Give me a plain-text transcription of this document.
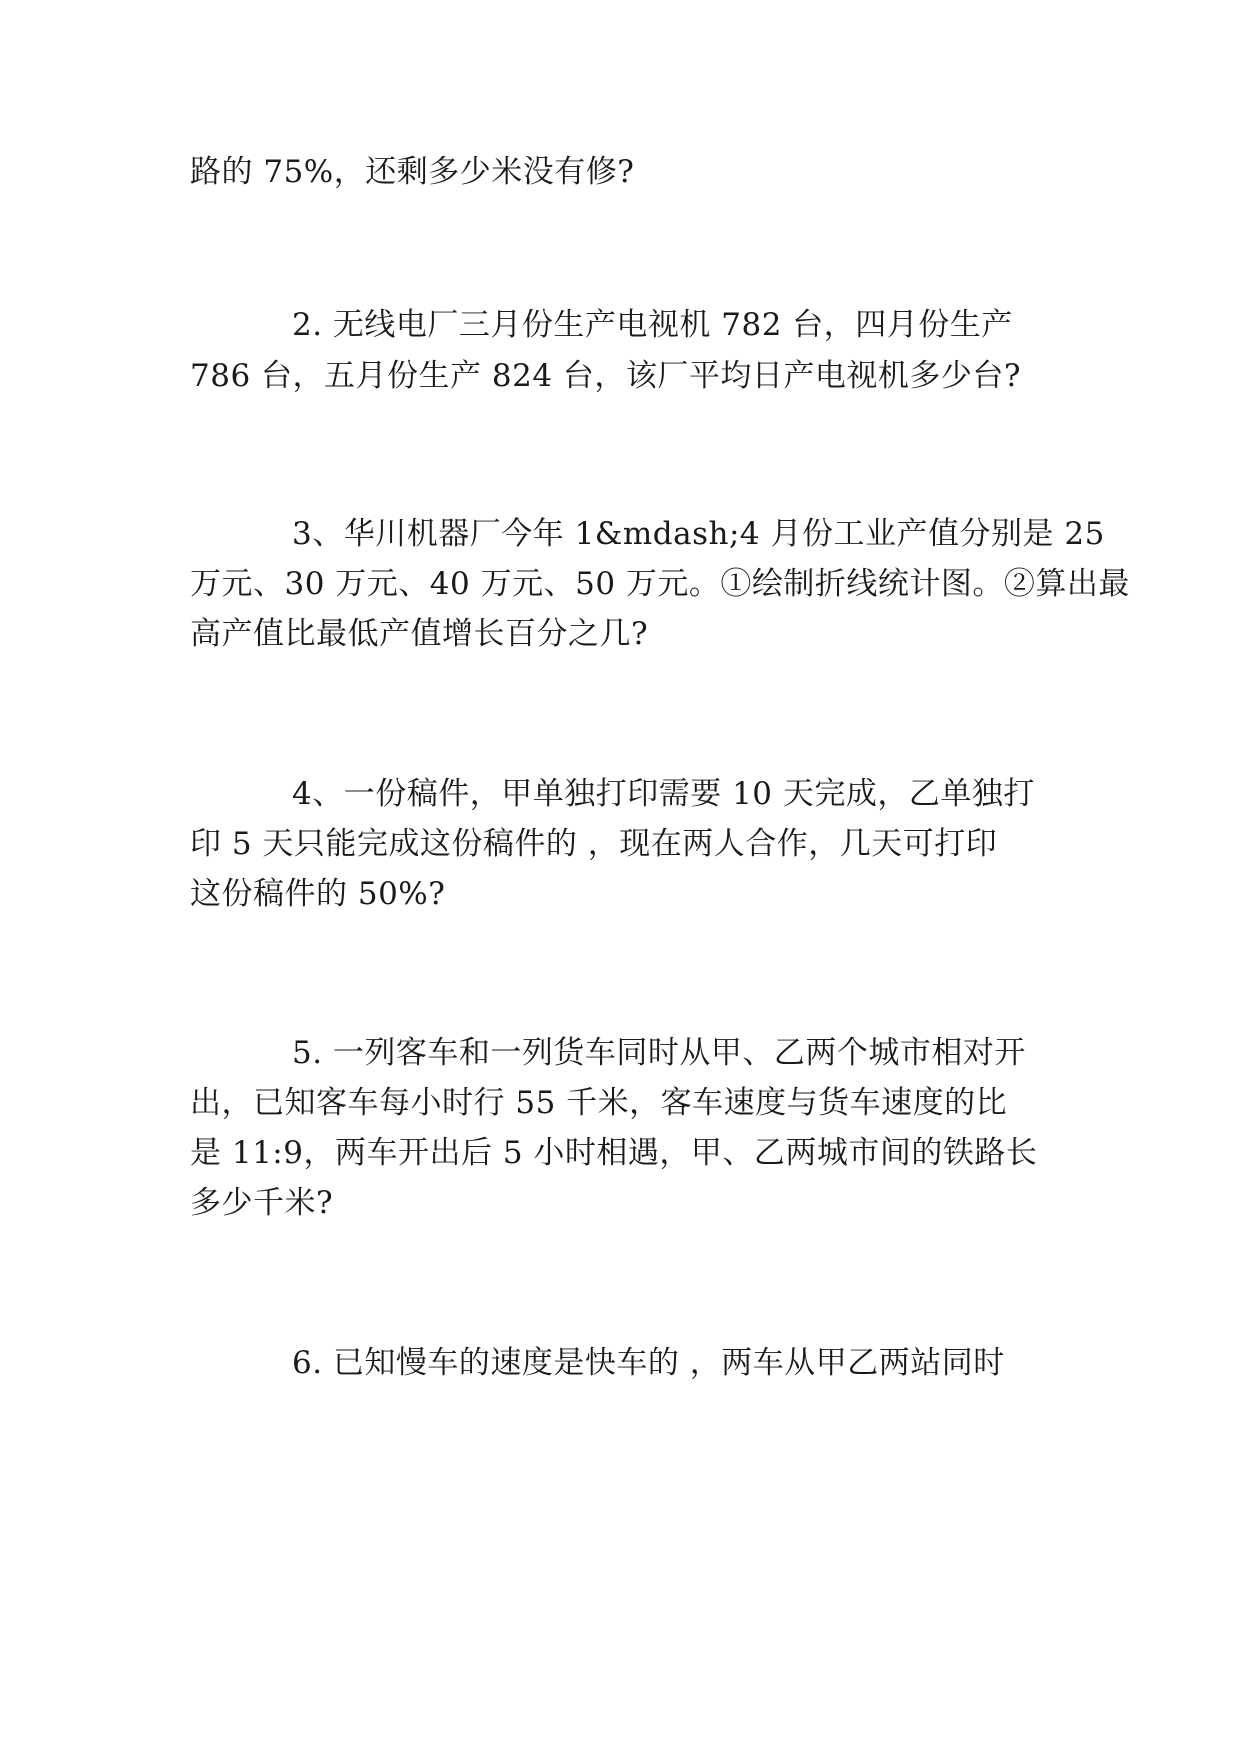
路的 75%，还剩多少米没有修?
2. 无线电厂三月份生产电视机 782 台，四月份生产
786 台，五月份生产 824 台，该厂平均日产电视机多少台?
3、华川机器厂今年 1&mdash;4 月份工业产值分别是 25
万元、30 万元、40 万元、50 万元。①绘制折线统计图。②算出最
高产值比最低产值增长百分之几?
4、一份稿件，甲单独打印需要 10 天完成，乙单独打
印 5 天只能完成这份稿件的 ，现在两人合作，几天可打印
这份稿件的 50%?
5. 一列客车和一列货车同时从甲、乙两个城市相对开
出，已知客车每小时行 55 千米，客车速度与货车速度的比
是 11:9，两车开出后 5 小时相遇，甲、乙两城市间的铁路长
多少千米?
6. 已知慢车的速度是快车的 ，两车从甲乙两站同时
